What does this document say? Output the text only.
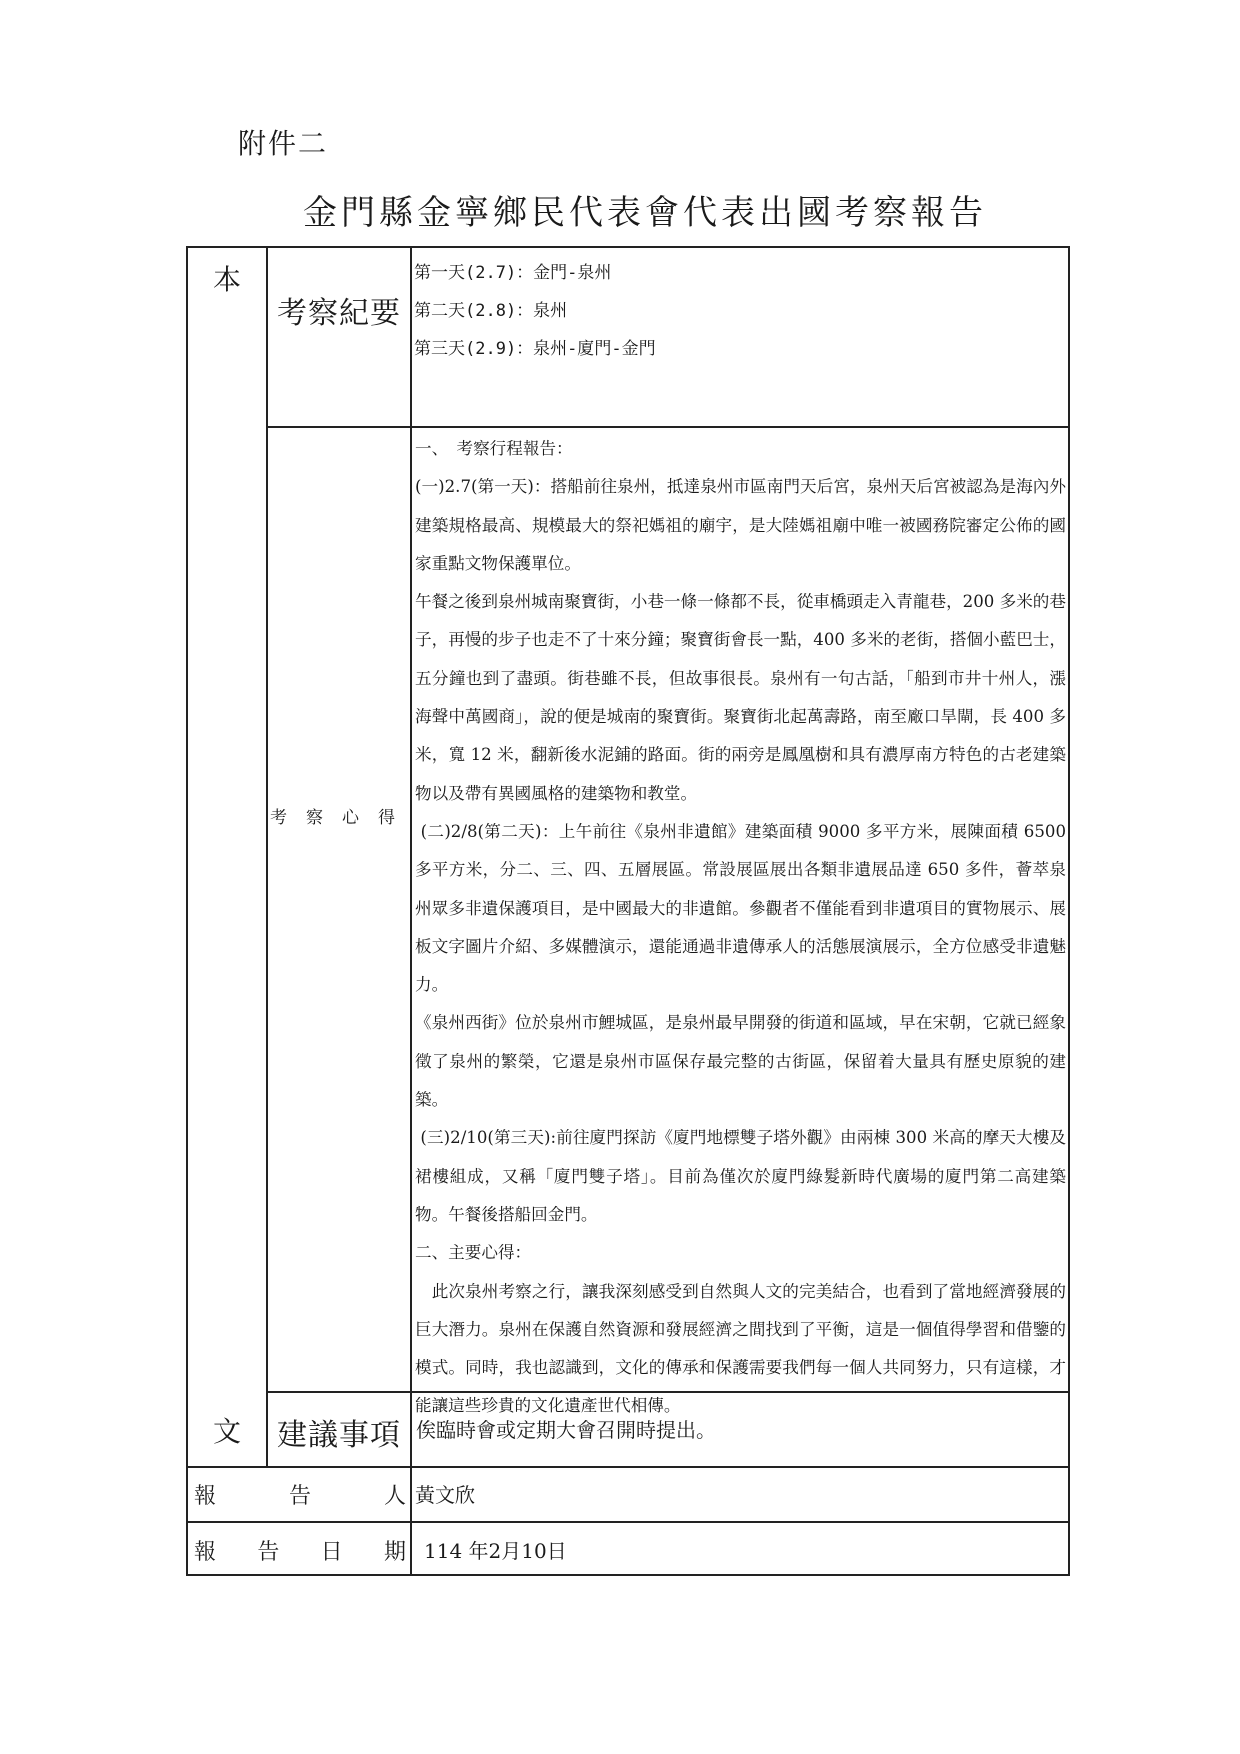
附件二
金門縣金寧鄉民代表會代表出國考察報告
本
文
考察紀要
第一天(2.7)：金門-泉州
第二天(2.8)：泉州
第三天(2.9)：泉州-廈門-金門
考察心得

一、　考察行程報告：

(一)2.7(第一天)：搭船前往泉州，抵達泉州市區南門天后宮，泉州天后宮被認為是海內外建築規格最高、規模最大的祭祀媽祖的廟宇，是大陸媽祖廟中唯一被國務院審定公佈的國家重點文物保護單位。

午餐之後到泉州城南聚寶街，小巷一條一條都不長，從車橋頭走入青龍巷，200 多米的巷子，再慢的步子也走不了十來分鐘；聚寶街會長一點，400 多米的老街，搭個小藍巴士，五分鐘也到了盡頭。街巷雖不長，但故事很長。泉州有一句古話，「船到市井十州人，漲海聲中萬國商」，說的便是城南的聚寶街。聚寶街北起萬壽路，南至廠口旱閘，長 400 多米，寬 12 米，翻新後水泥鋪的路面。街的兩旁是鳳凰樹和具有濃厚南方特色的古老建築物以及帶有異國風格的建築物和教堂。

(二)2/8(第二天)：上午前往《泉州非遺館》建築面積 9000 多平方米，展陳面積 6500 多平方米，分二、三、四、五層展區。常設展區展出各類非遺展品達 650 多件，薈萃泉州眾多非遺保護項目，是中國最大的非遺館。參觀者不僅能看到非遺項目的實物展示、展板文字圖片介紹、多媒體演示，還能通過非遺傳承人的活態展演展示，全方位感受非遺魅力。

《泉州西街》位於泉州市鯉城區，是泉州最早開發的街道和區域，早在宋朝，它就已經象徵了泉州的繁榮，它還是泉州市區保存最完整的古街區，保留着大量具有歷史原貌的建築。

(三)2/10(第三天):前往廈門探訪《廈門地標雙子塔外觀》由兩棟 300 米高的摩天大樓及裙樓組成，又稱「廈門雙子塔」。目前為僅次於廈門綠髮新時代廣場的廈門第二高建築物。午餐後搭船回金門。

二、主要心得：

　此次泉州考察之行，讓我深刻感受到自然與人文的完美結合，也看到了當地經濟發展的巨大潛力。泉州在保護自然資源和發展經濟之間找到了平衡，這是一個值得學習和借鑒的模式。同時，我也認識到，文化的傳承和保護需要我們每一個人共同努力，只有這樣，才能讓這些珍貴的文化遺產世代相傳。

建議事項 俟臨時會或定期大會召開時提出。
報	告	人 黃文欣
報 告 日 期 114 年2月10日
